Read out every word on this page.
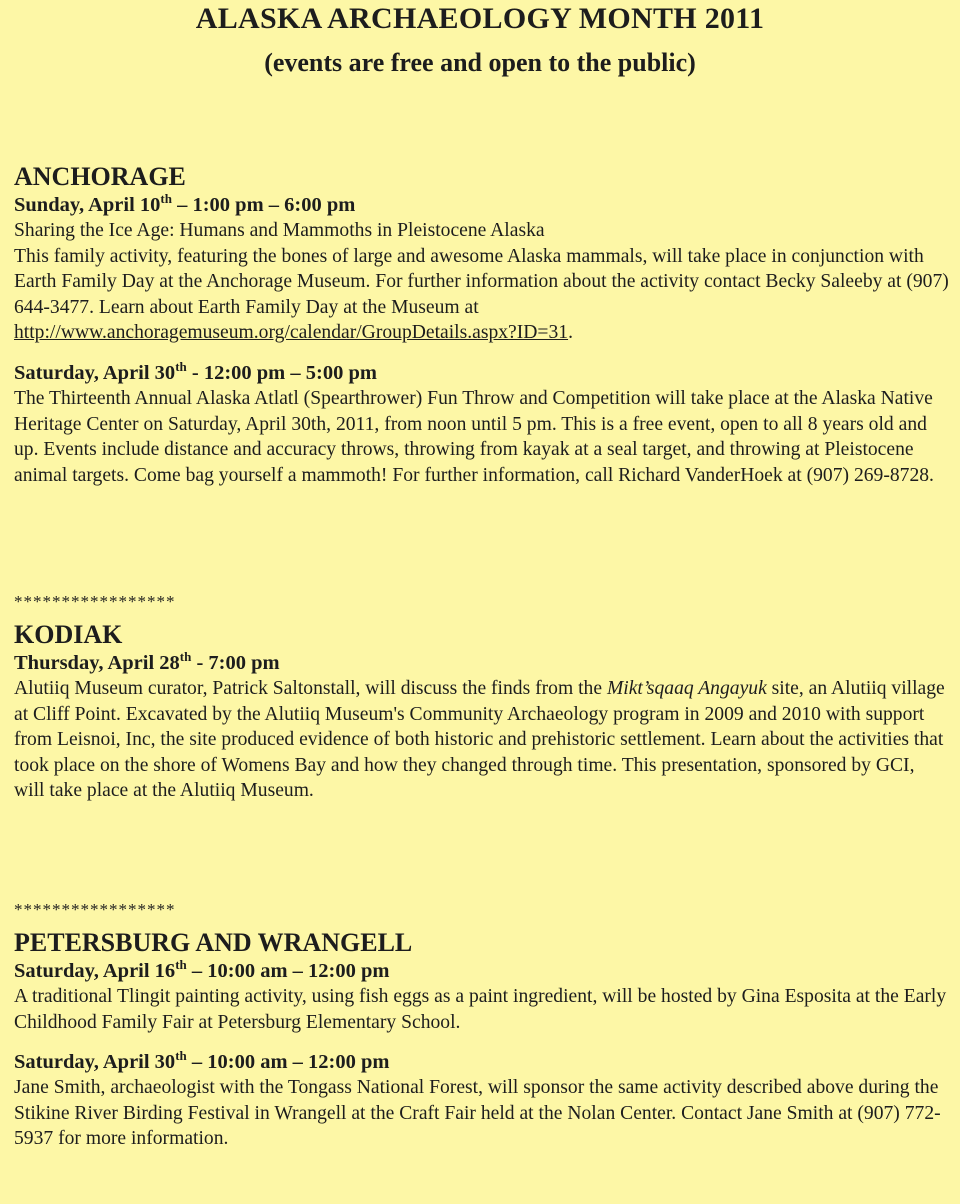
ALASKA ARCHAEOLOGY MONTH 2011
(events are free and open to the public)
ANCHORAGE
Sunday, April 10th – 1:00 pm – 6:00 pm
Sharing the Ice Age: Humans and Mammoths in Pleistocene Alaska

This family activity, featuring the bones of large and awesome Alaska mammals, will take place in conjunction with Earth Family Day at the Anchorage Museum. For further information about the activity contact Becky Saleeby at (907) 644-3477. Learn about Earth Family Day at the Museum at http://www.anchoragemuseum.org/calendar/GroupDetails.aspx?ID=31.

Saturday, April 30th - 12:00 pm – 5:00 pm

The Thirteenth Annual Alaska Atlatl (Spearthrower) Fun Throw and Competition will take place at the Alaska Native Heritage Center on Saturday, April 30th, 2011, from noon until 5 pm. This is a free event, open to all 8 years old and up. Events include distance and accuracy throws, throwing from kayak at a seal target, and throwing at Pleistocene animal targets. Come bag yourself a mammoth! For further information, call Richard VanderHoek at (907) 269-8728.

*****************
KODIAK
Thursday, April 28th - 7:00 pm

Alutiiq Museum curator, Patrick Saltonstall, will discuss the finds from the Mikt’sqaaq Angayuk site, an Alutiiq village at Cliff Point. Excavated by the Alutiiq Museum's Community Archaeology program in 2009 and 2010 with support from Leisnoi, Inc, the site produced evidence of both historic and prehistoric settlement. Learn about the activities that took place on the shore of Womens Bay and how they changed through time. This presentation, sponsored by GCI, will take place at the Alutiiq Museum.

*****************
PETERSBURG AND WRANGELL
Saturday, April 16th – 10:00 am – 12:00 pm

A traditional Tlingit painting activity, using fish eggs as a paint ingredient, will be hosted by Gina Esposita at the Early Childhood Family Fair at Petersburg Elementary School.

Saturday, April 30th – 10:00 am – 12:00 pm

Jane Smith, archaeologist with the Tongass National Forest, will sponsor the same activity described above during the Stikine River Birding Festival in Wrangell at the Craft Fair held at the Nolan Center. Contact Jane Smith at (907) 772-5937 for more information.
